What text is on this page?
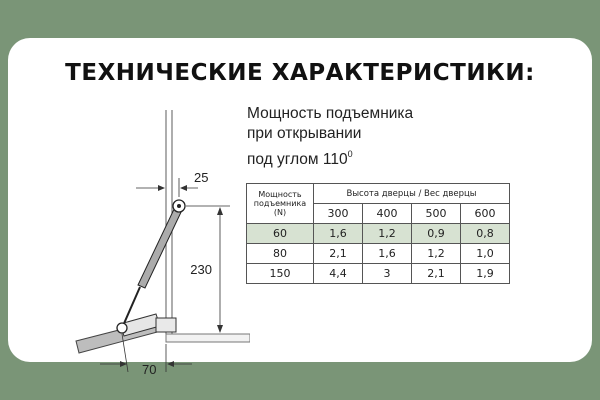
ТЕХНИЧЕСКИЕ ХАРАКТЕРИСТИКИ:
25
230
70
Мощность подъемника
при открывании
под углом $110^0$
Мощность подъемника (N)	Высота дверцы / Вес дверцы			
	300	400	500	600
60	1,6	1,2	0,9	0,8
80	2,1	1,6	1,2	1,0
150	4,4	3	2,1	1,9
